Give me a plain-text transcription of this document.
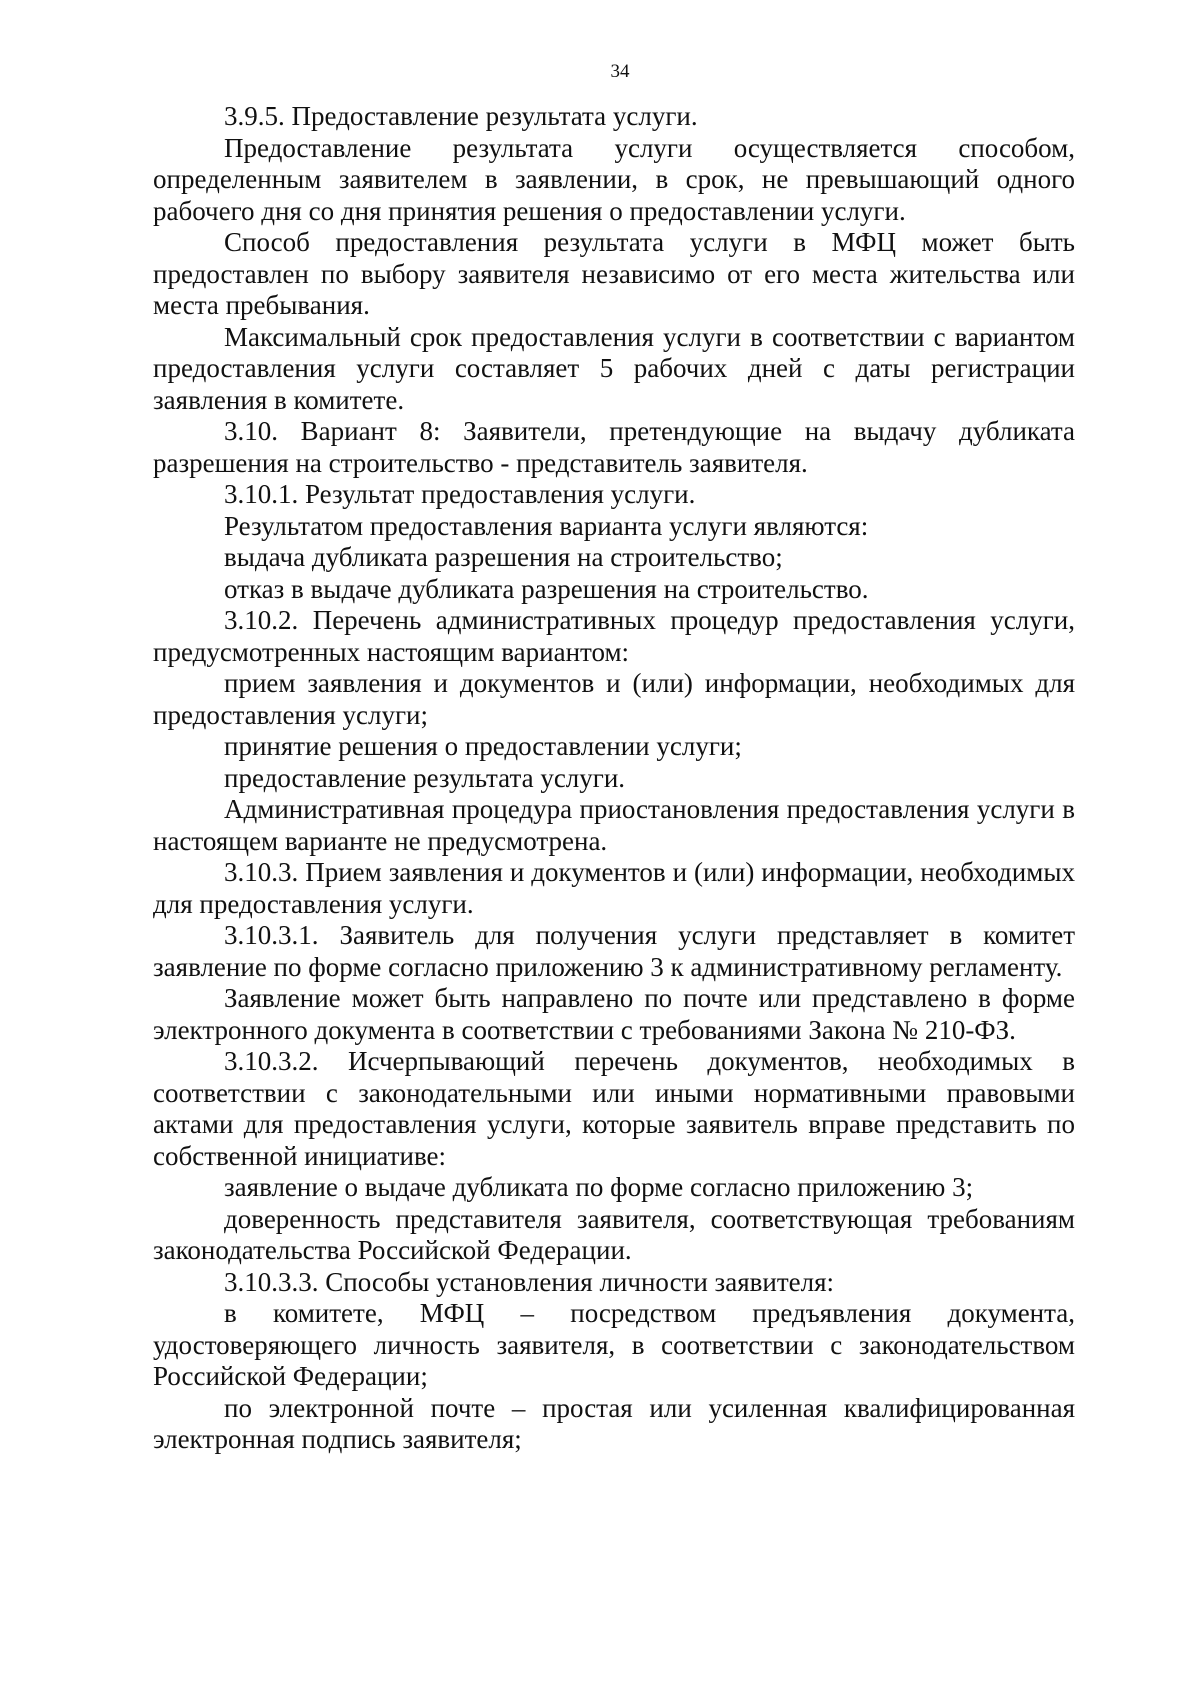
34

3.9.5. Предоставление результата услуги.

Предоставление результата услуги осуществляется способом, определенным заявителем в заявлении, в срок, не превышающий одного рабочего дня со дня принятия решения о предоставлении услуги.

Способ предоставления результата услуги в МФЦ может быть предоставлен по выбору заявителя независимо от его места жительства или места пребывания.

Максимальный срок предоставления услуги в соответствии с вариантом предоставления услуги составляет 5 рабочих дней с даты регистрации заявления в комитете.

3.10. Вариант 8: Заявители, претендующие на выдачу дубликата разрешения на строительство - представитель заявителя.

3.10.1. Результат предоставления услуги.

Результатом предоставления варианта услуги являются:

выдача дубликата разрешения на строительство;

отказ в выдаче дубликата разрешения на строительство.

3.10.2. Перечень административных процедур предоставления услуги, предусмотренных настоящим вариантом:

прием заявления и документов и (или) информации, необходимых для предоставления услуги;

принятие решения о предоставлении услуги;

предоставление результата услуги.

Административная процедура приостановления предоставления услуги в настоящем варианте не предусмотрена.

3.10.3. Прием заявления и документов и (или) информации, необходимых для предоставления услуги.

3.10.3.1. Заявитель для получения услуги представляет в комитет заявление по форме согласно приложению 3 к административному регламенту.

Заявление может быть направлено по почте или представлено в форме электронного документа в соответствии с требованиями Закона № 210-ФЗ.

3.10.3.2. Исчерпывающий перечень документов, необходимых в соответствии с законодательными или иными нормативными правовыми актами для предоставления услуги, которые заявитель вправе представить по собственной инициативе:

заявление о выдаче дубликата по форме согласно приложению 3;

доверенность представителя заявителя, соответствующая требованиям законодательства Российской Федерации.

3.10.3.3. Способы установления личности заявителя:

в комитете, МФЦ – посредством предъявления документа, удостоверяющего личность заявителя, в соответствии с законодательством Российской Федерации;

по электронной почте – простая или усиленная квалифицированная электронная подпись заявителя;
